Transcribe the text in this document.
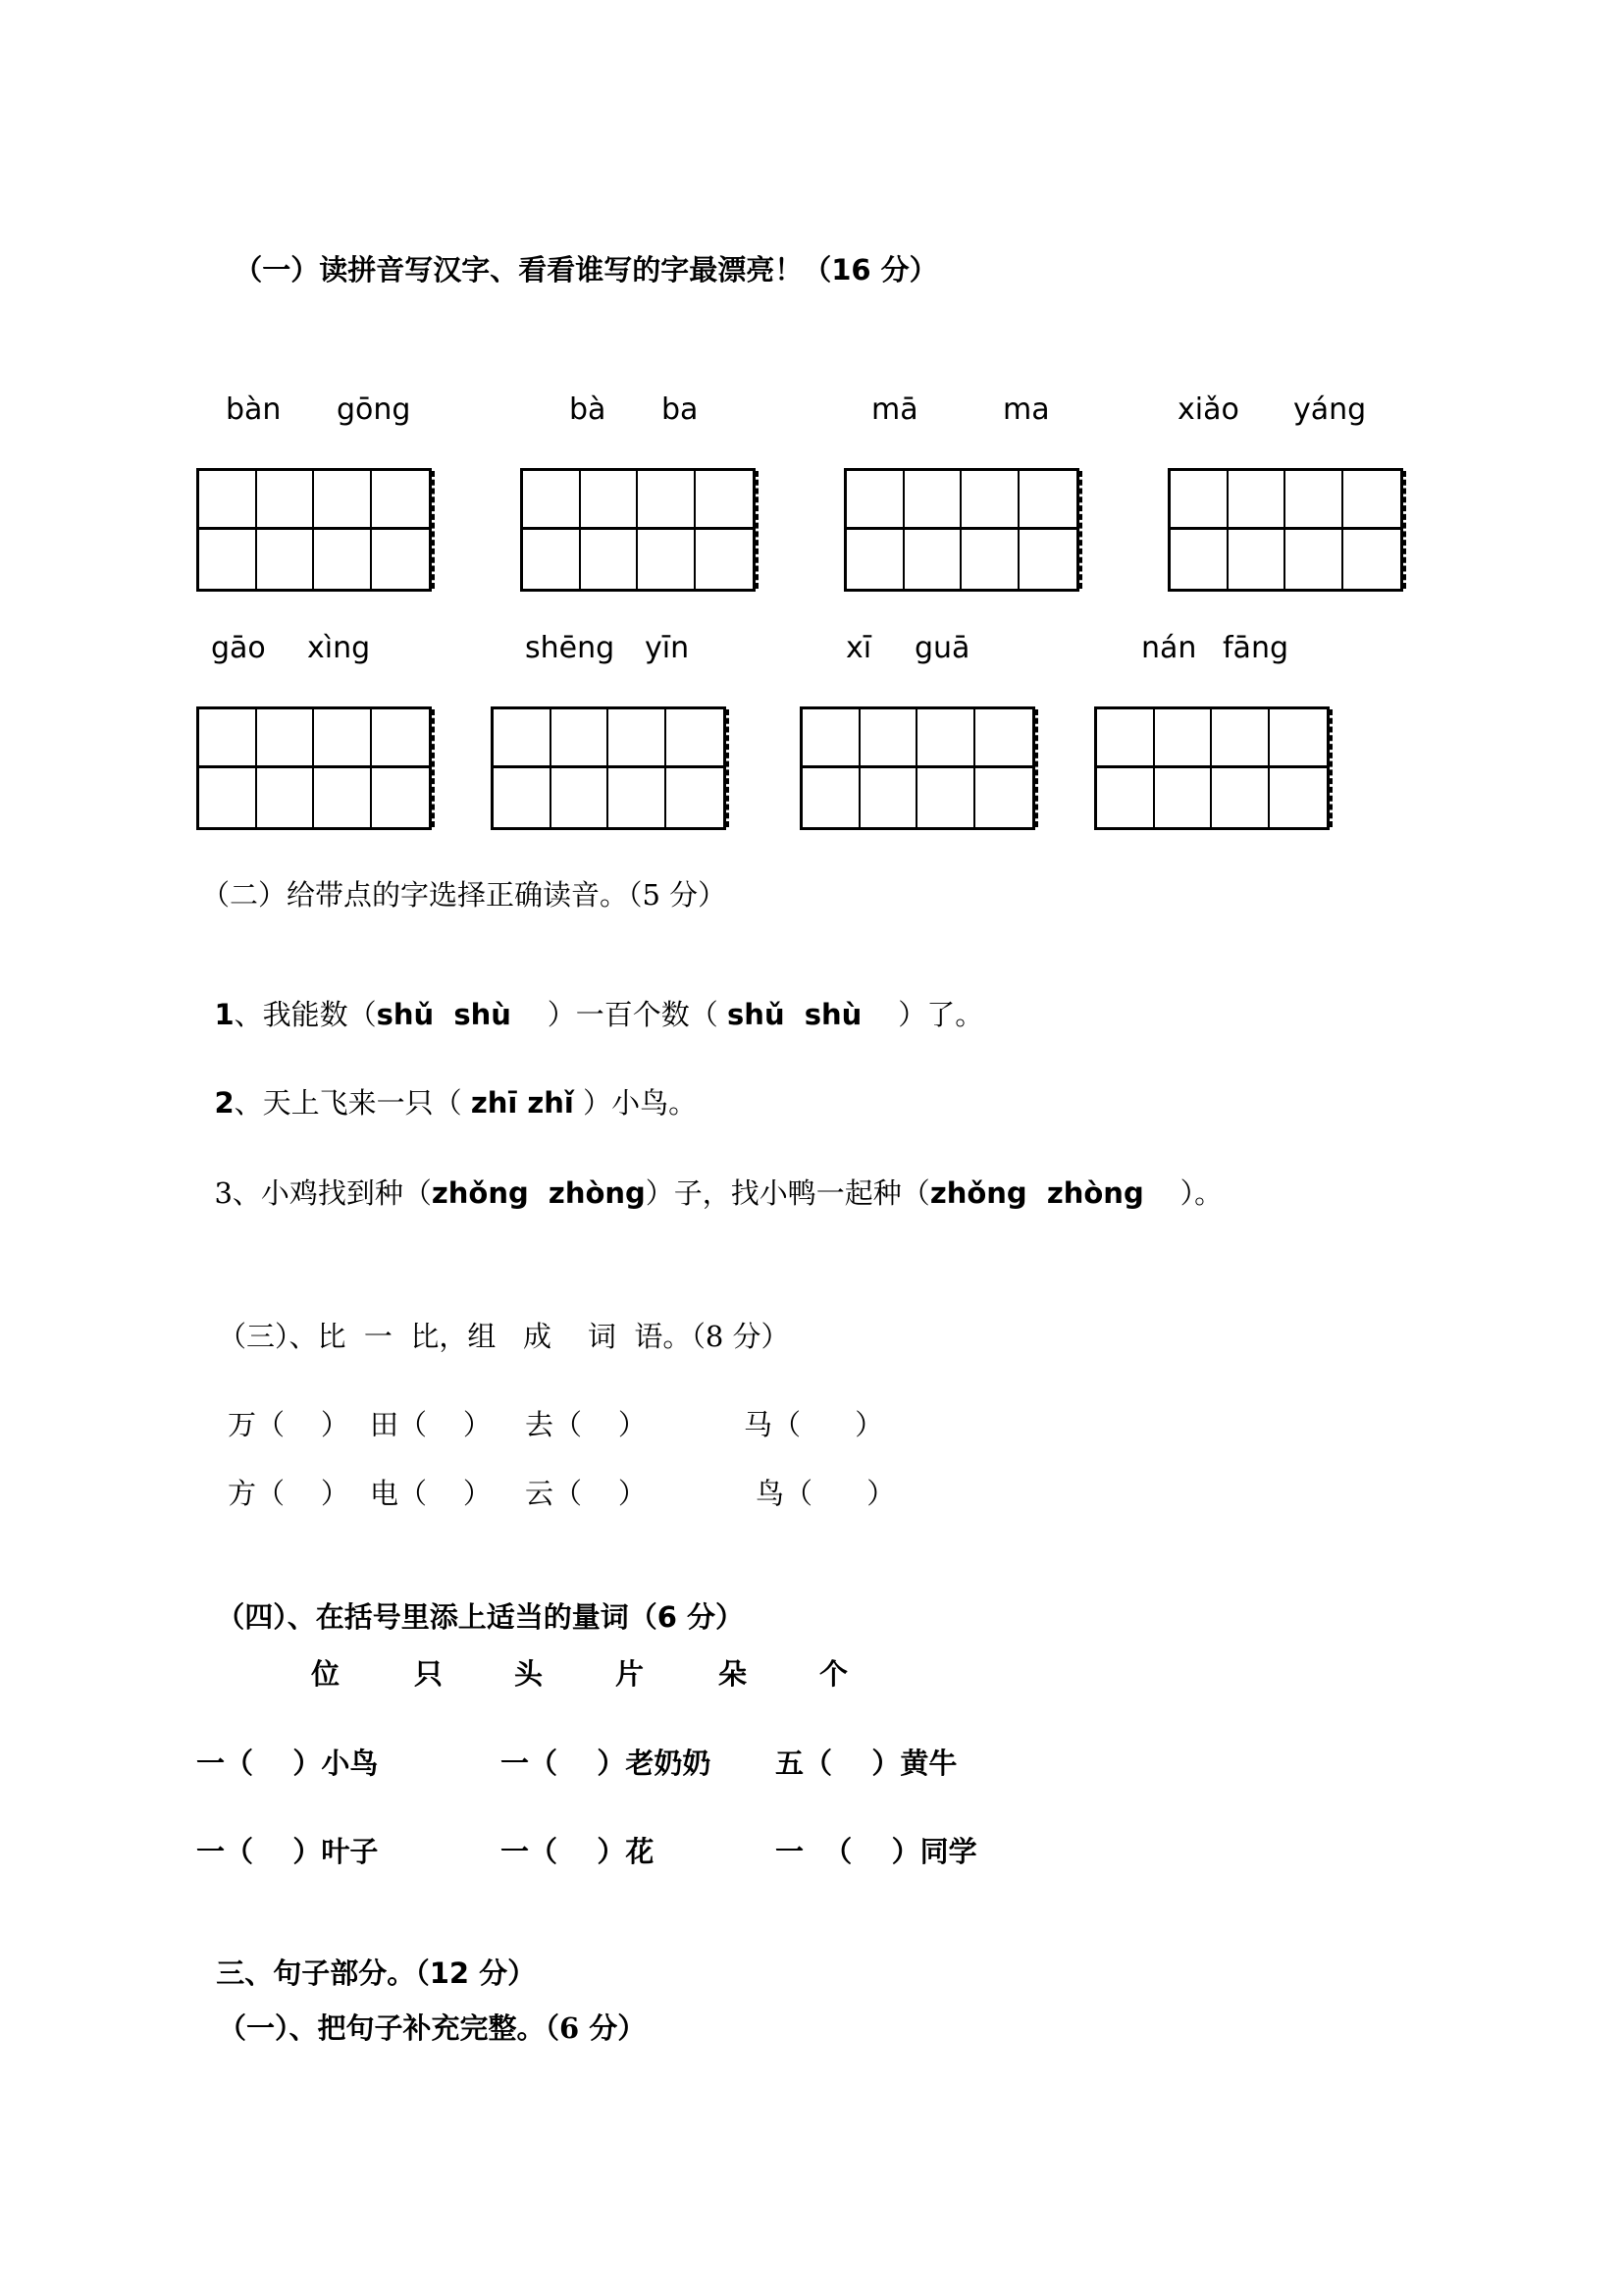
（一）读拼音写汉字、看看谁写的字最漂亮！（16 分）

bàn gōng	bà ba	mā	ma	xiǎo yáng
gāo xìng	shēng yīn	xī guā	nán fāng
（二）给带点的字选择正确读音。（5 分）

1、我能数（shǔ  shù    ）一百个数（ shǔ  shù    ）了。

2、天上飞来一只（ zhī zhǐ ）小鸟。

3、小鸡找到种（zhǒng  zhòng）子，找小鸭一起种（zhǒng  zhòng    ）。

（三）、比  一  比，组   成    词  语。（8 分）
万（    ） 田（    ） 去（    ）	马（      ）
方（    ） 电（    ） 云（    ）	鸟（      ）

（四）、在括号里添上适当的量词（6 分）

位	只	头	片	朵	个
一（    ）小鸟	一（    ）老奶奶 五（    ）黄牛
一（    ）叶子	一（    ）花	一  （    ）同学

三、句子部分。（12 分）

（一）、把句子补充完整。（6 分）
